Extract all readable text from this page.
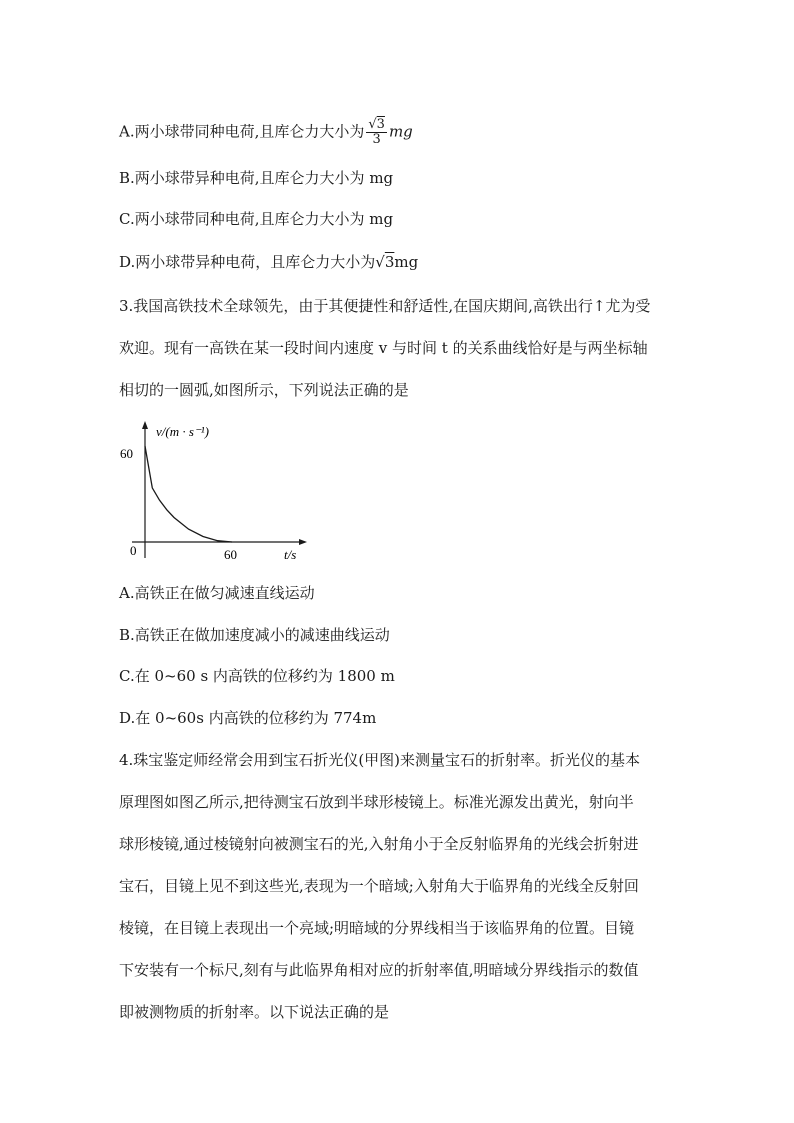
A.两小球带同种电荷,且库仑力大小为 $\frac{√3}{3}$ mg
B.两小球带异种电荷,且库仑力大小为 mg
C.两小球带同种电荷,且库仑力大小为 mg
D.两小球带异种电荷，且库仑力大小为√3mg
3.我国高铁技术全球领先，由于其便捷性和舒适性,在国庆期间,高铁出行↑尤为受
欢迎。现有一高铁在某一段时间内速度 v 与时间 t 的关系曲线恰好是与两坐标轴
相切的一圆弧,如图所示，下列说法正确的是
v/(m · s⁻¹)
60
0	60	t/s
A.高铁正在做匀减速直线运动
B.高铁正在做加速度减小的减速曲线运动
C.在 0~60 s 内高铁的位移约为 1800 m
D.在 0~60s 内高铁的位移约为 774m
4.珠宝鉴定师经常会用到宝石折光仪(甲图)来测量宝石的折射率。折光仪的基本
原理图如图乙所示,把待测宝石放到半球形棱镜上。标准光源发出黄光，射向半
球形棱镜,通过棱镜射向被测宝石的光,入射角小于全反射临界角的光线会折射进
宝石，目镜上见不到这些光,表现为一个暗域;入射角大于临界角的光线全反射回
棱镜，在目镜上表现出一个亮域;明暗域的分界线相当于该临界角的位置。目镜
下安装有一个标尺,刻有与此临界角相对应的折射率值,明暗域分界线指示的数值
即被测物质的折射率。以下说法正确的是
